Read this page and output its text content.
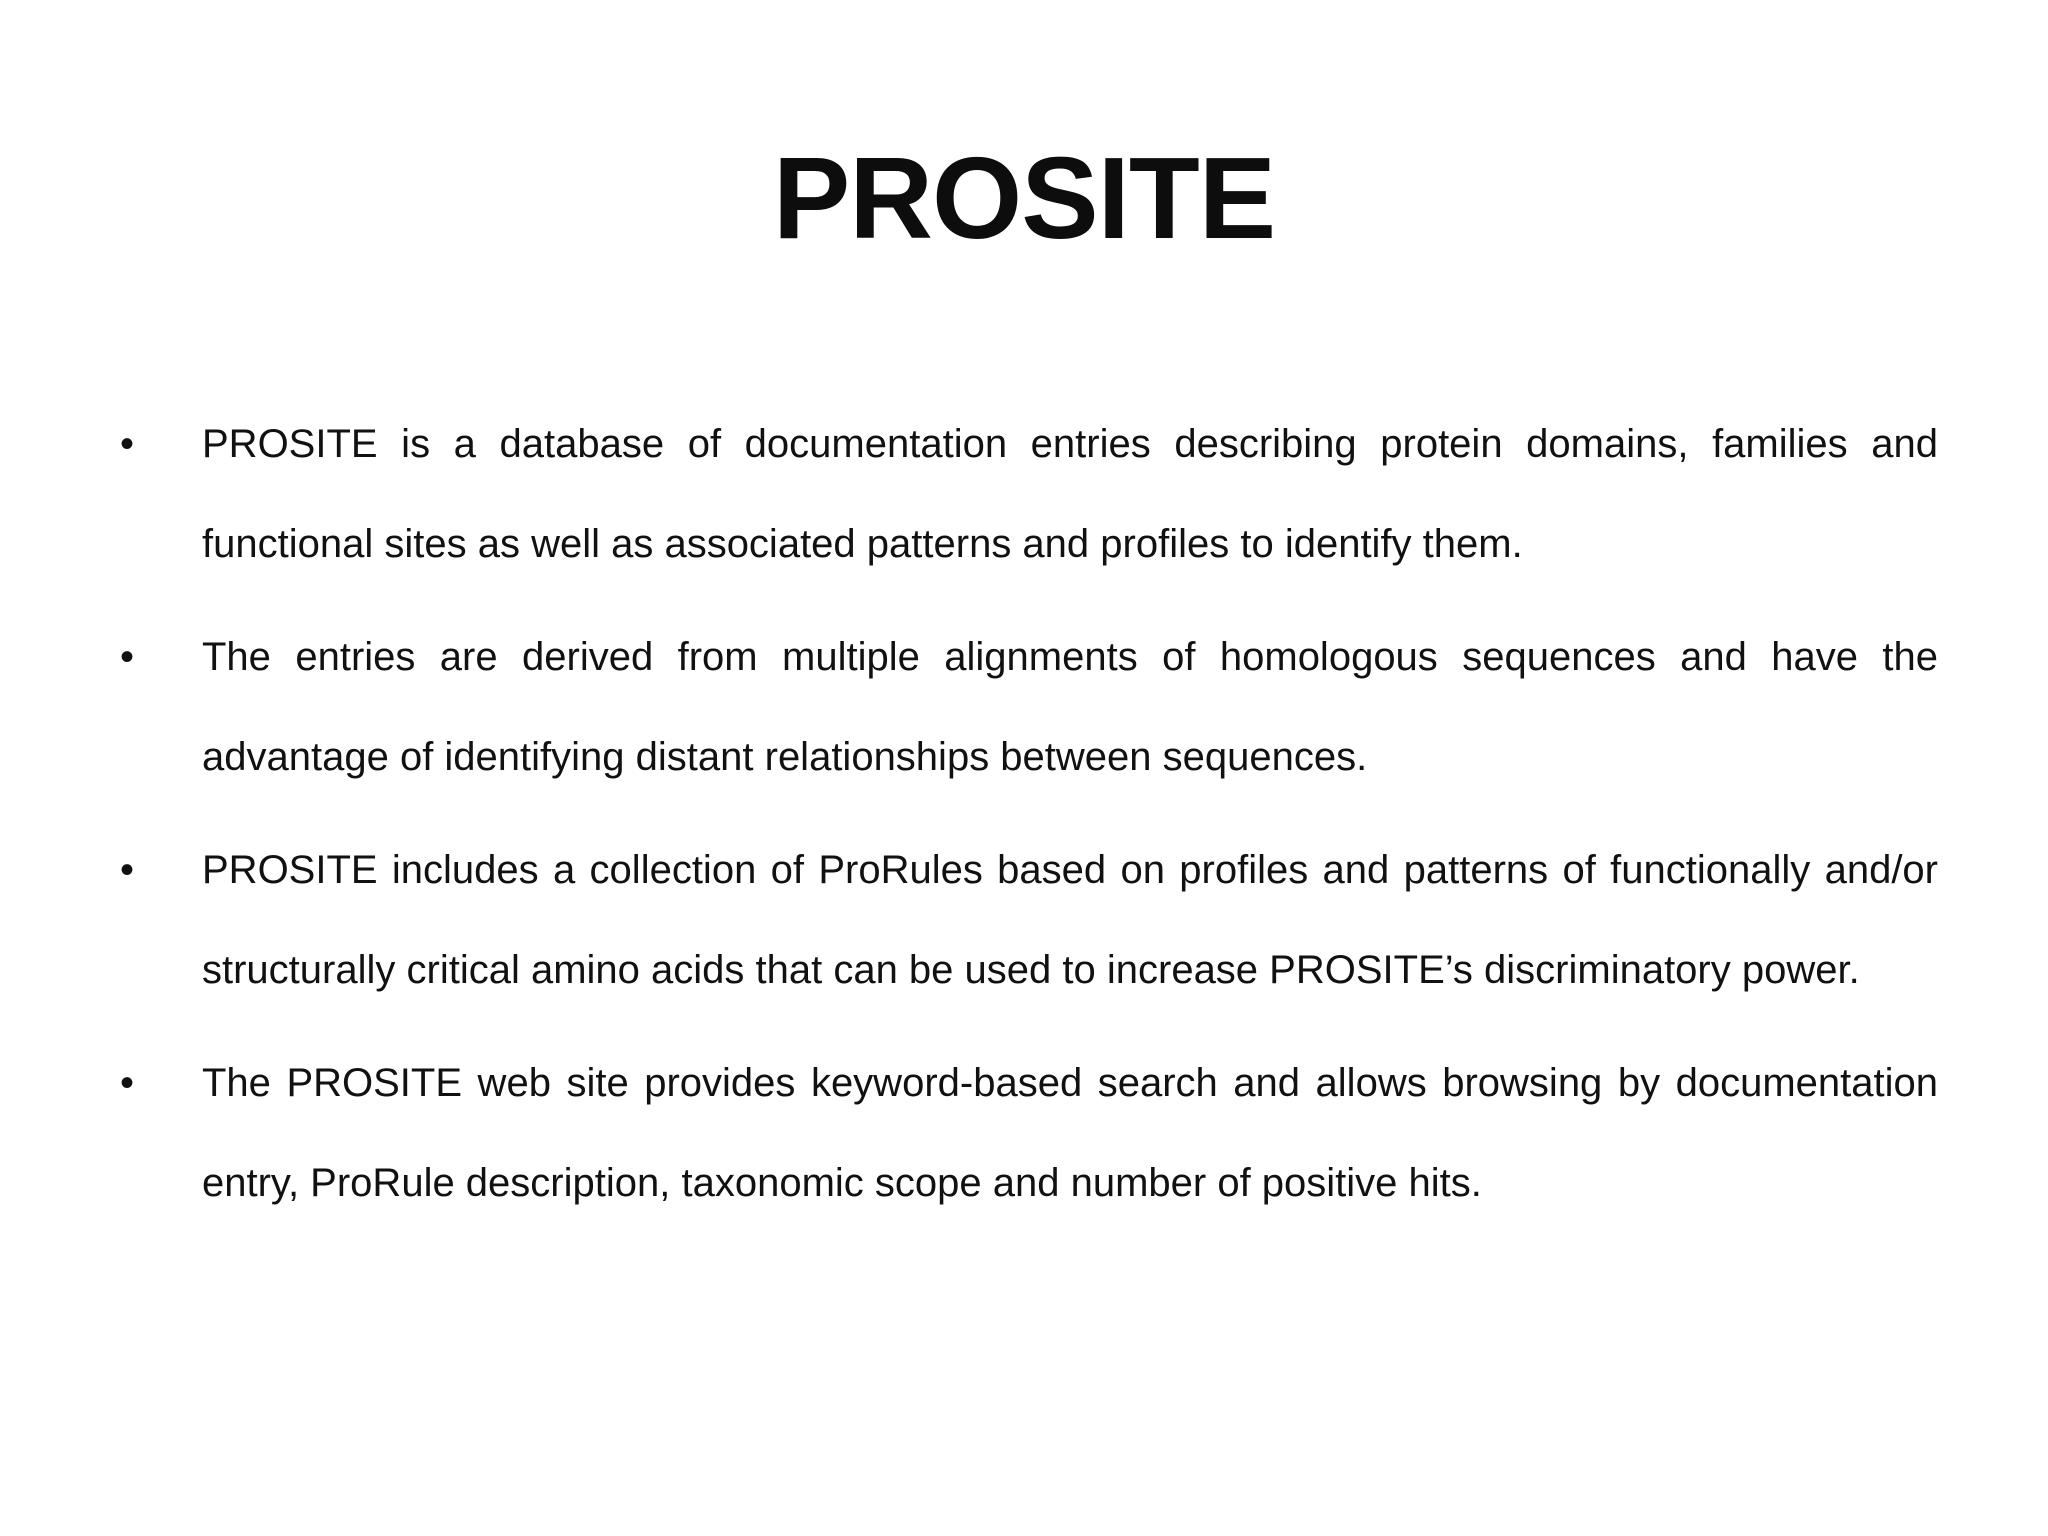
PROSITE
•	PROSITE is a database of documentation entries describing protein domains, families and functional sites as well as associated patterns and profiles to identify them.
•	The entries are derived from multiple alignments of homologous sequences and have the advantage of identifying distant relationships between sequences.
•	PROSITE includes a collection of ProRules based on profiles and patterns of functionally and/or structurally critical amino acids that can be used to increase PROSITE’s discriminatory power.
•	The PROSITE web site provides keyword-based search and allows browsing by documentation entry, ProRule description, taxonomic scope and number of positive hits.
